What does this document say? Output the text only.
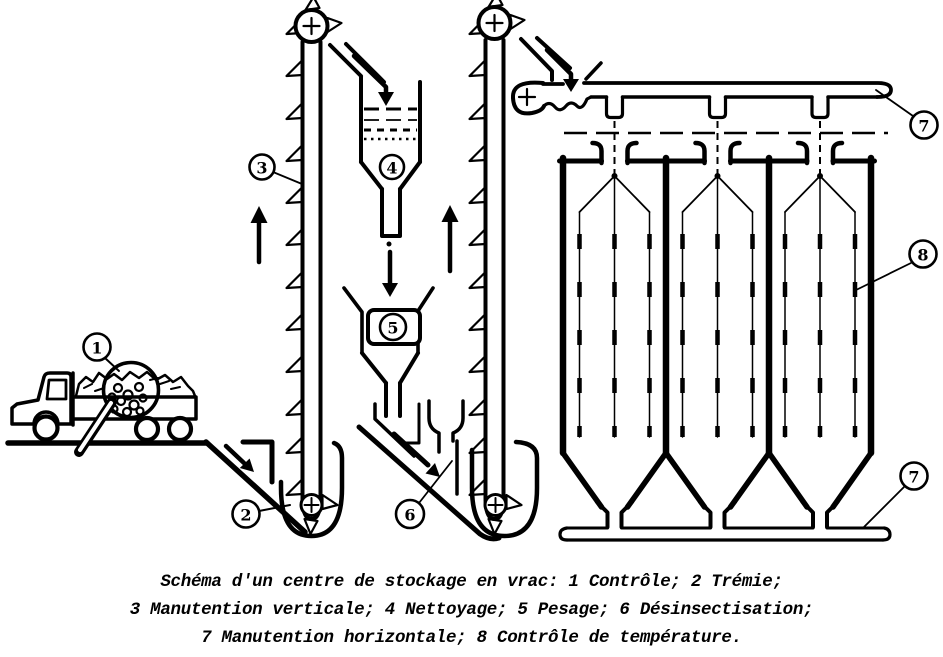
1
2
3	4
5
6
7
8
7
Schéma d'un centre de stockage en vrac: 1 Contrôle; 2 Trémie;
3 Manutention verticale; 4 Nettoyage; 5 Pesage; 6 Désinsectisation;
7 Manutention horizontale; 8 Contrôle de température.
